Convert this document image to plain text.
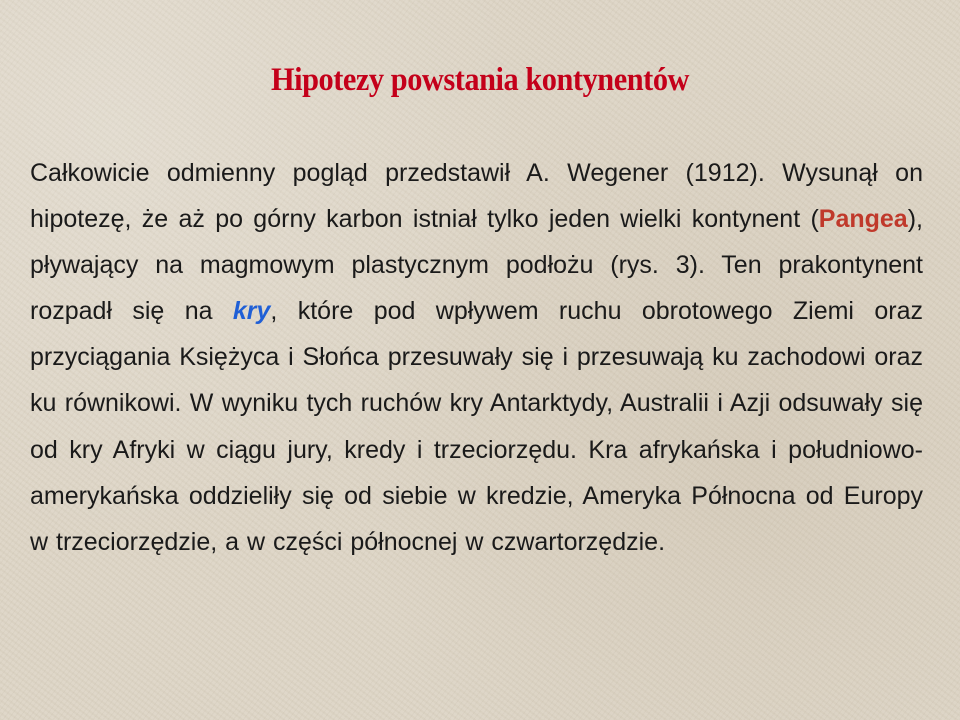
Hipotezy powstania kontynentów
Całkowicie odmienny pogląd przedstawił A. Wegener (1912). Wysunął on hipotezę, że aż po górny karbon istniał tylko jeden wielki kontynent (Pangea), pływający na magmowym plastycznym podłożu (rys. 3). Ten prakontynent rozpadł się na kry, które pod wpływem ruchu obrotowego Ziemi oraz przyciągania Księżyca i Słońca przesuwały się i przesuwają ku zachodowi oraz ku równikowi. W wyniku tych ruchów kry Antarktydy, Australii i Azji odsuwały się od kry Afryki w ciągu jury, kredy i trzeciorzędu. Kra afrykańska i południowo-amerykańska oddzieliły się od siebie w kredzie, Ameryka Północna od Europy w trzeciorzędzie, a w części północnej w czwartorzędzie.
